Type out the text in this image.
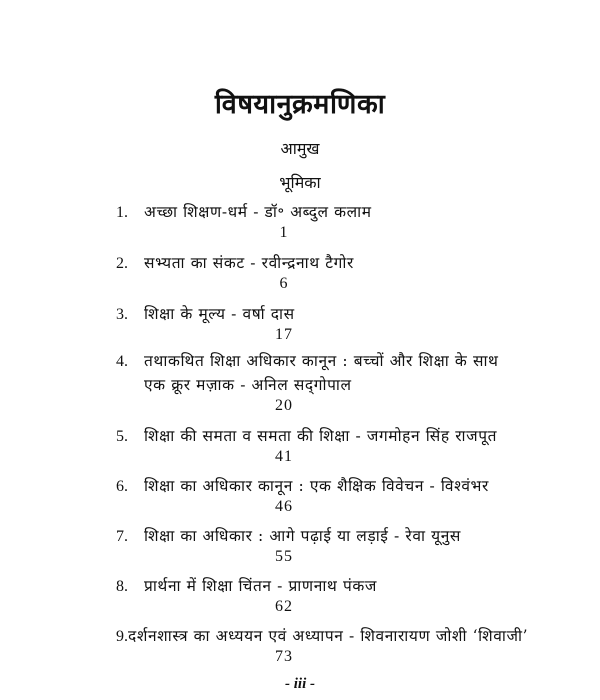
विषयानुक्रमणिका
आमुख
भूमिका
1.	अच्छा शिक्षण-धर्म - डॉ॰ अब्दुल कलाम
1
2.	सभ्यता का संकट - रवीन्द्रनाथ टैगोर
6
3.	शिक्षा के मूल्य - वर्षा दास
17
4.	तथाकथित शिक्षा अधिकार कानून : बच्चों और शिक्षा के साथ
एक क्रूर मज़ाक - अनिल सद्‌गोपाल
20
5.	शिक्षा की समता व समता की शिक्षा - जगमोहन सिंह राजपूत
41
6.	शिक्षा का अधिकार कानून : एक शैक्षिक विवेचन - विश्वंभर
46
7.	शिक्षा का अधिकार : आगे पढ़ाई या लड़ाई - रेवा यूनुस
55
8.	प्रार्थना में शिक्षा चिंतन - प्राणनाथ पंकज
62
9. दर्शनशास्त्र का अध्ययन एवं अध्यापन - शिवनारायण जोशी ‘शिवाजी’
73
- iii -
